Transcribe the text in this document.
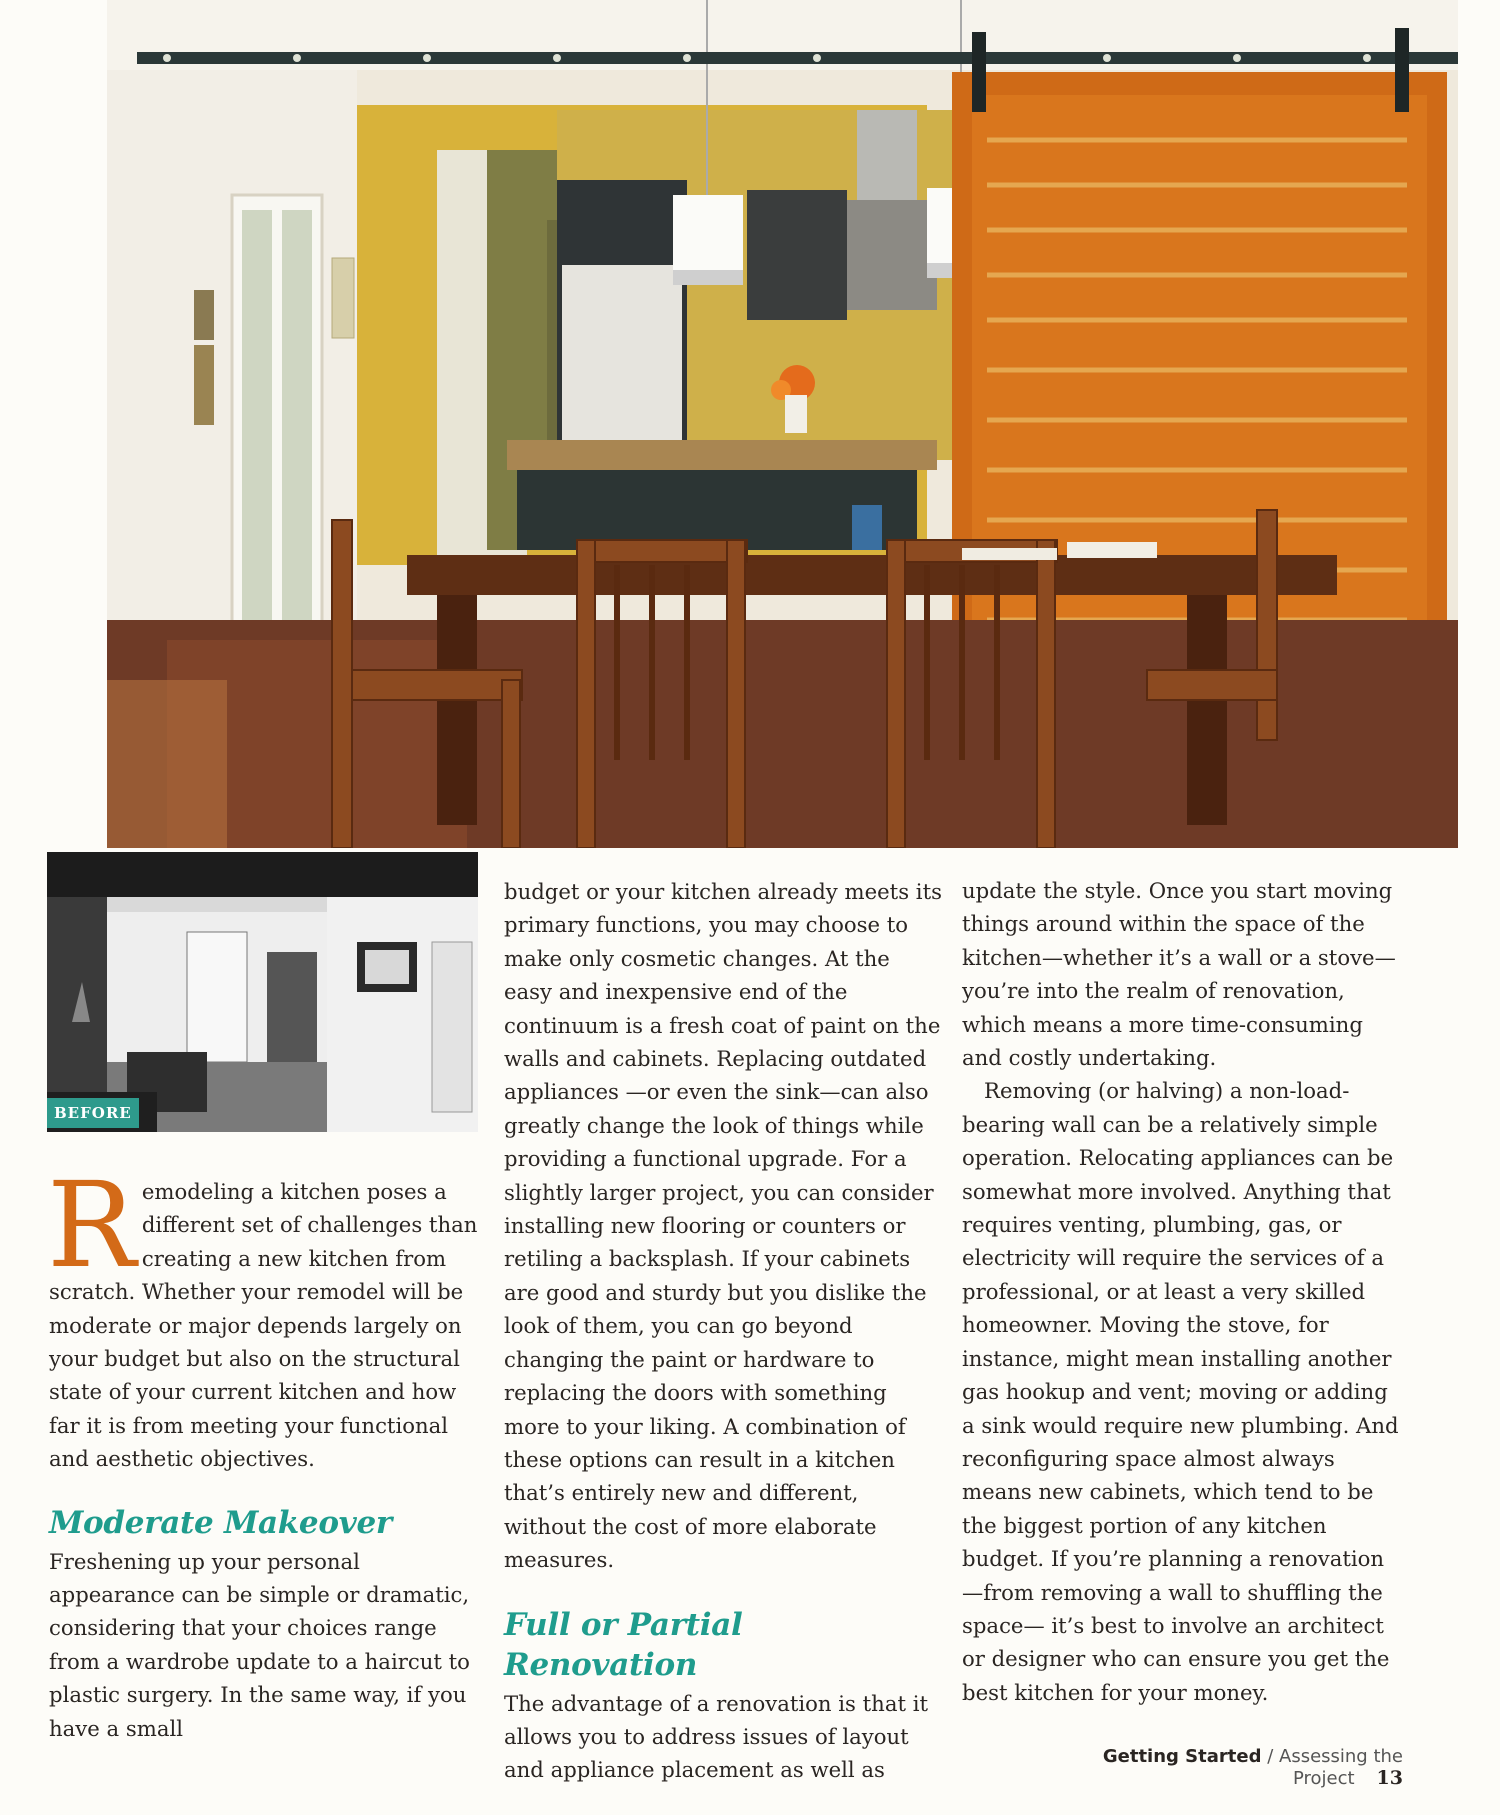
BEFORE

Remodeling a kitchen poses a different set of challenges than creating a new kitchen from scratch. Whether your remodel will be moderate or major depends largely on your budget but also on the structural state of your current kitchen and how far it is from meeting your functional and aesthetic objectives.

Moderate Makeover

Freshening up your personal appearance can be simple or dramatic, considering that your choices range from a wardrobe update to a haircut to plastic surgery. In the same way, if you have a small

budget or your kitchen already meets its primary functions, you may choose to make only cosmetic changes. At the easy and inexpensive end of the continuum is a fresh coat of paint on the walls and cabinets. Replacing outdated appliances —or even the sink—can also greatly change the look of things while providing a functional upgrade. For a slightly larger project, you can consider installing new flooring or counters or retiling a backsplash. If your cabinets are good and sturdy but you dislike the look of them, you can go beyond changing the paint or hardware to replacing the doors with something more to your liking. A combination of these options can result in a kitchen that’s entirely new and different, without the cost of more elaborate measures.

Full or Partial Renovation

The advantage of a renovation is that it allows you to address issues of layout and appliance placement as well as

update the style. Once you start moving things around within the space of the kitchen—whether it’s a wall or a stove— you’re into the realm of renovation, which means a more time-consuming and costly undertaking.

Removing (or halving) a non-loadbearing wall can be a relatively simple operation. Relocating appliances can be somewhat more involved. Anything that requires venting, plumbing, gas, or electricity will require the services of a professional, or at least a very skilled homeowner. Moving the stove, for instance, might mean installing another gas hookup and vent; moving or adding a sink would require new plumbing. And reconfiguring space almost always means new cabinets, which tend to be the biggest portion of any kitchen budget. If you’re planning a renovation—from removing a wall to shuffling the space— it’s best to involve an architect or designer who can ensure you get the best kitchen for your money.

Getting Started / Assessing the Project 13
